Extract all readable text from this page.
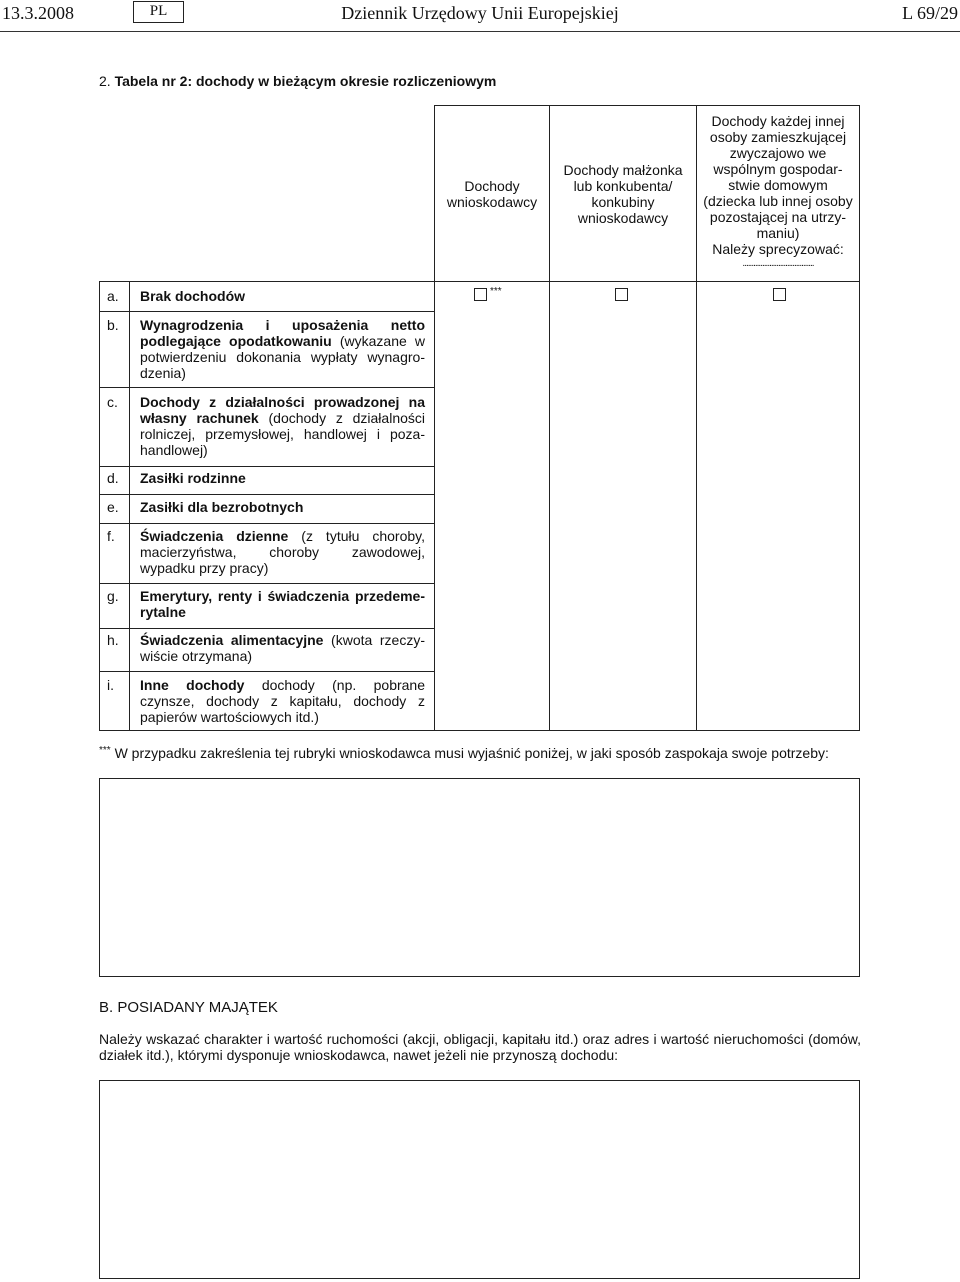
13.3.2008	PL	Dziennik Urzędowy Unii Europejskiej	L 69/29
2. Tabela nr 2: dochody w bieżącym okresie rozliczeniowym
Dochody wnioskodawcy
Dochody małżonka lub konkubenta/ konkubiny wnioskodawcy
Dochody każdej innej osoby zamieszkującej zwyczajowo we wspólnym gospodar-stwie domowym (dziecka lub innej osoby pozostającej na utrzy-maniu)
Należy sprecyzować:
........................................
a. Brak dochodów	***
b. Wynagrodzenia i uposażenia netto podlegające opodatkowaniu (wykazane w potwierdzeniu dokonania wypłaty wynagro-dzenia)
c. Dochody z działalności prowadzonej na własny rachunek (dochody z działalności rolniczej, przemysłowej, handlowej i poza-handlowej)
d. Zasiłki rodzinne
e. Zasiłki dla bezrobotnych
f. Świadczenia dzienne (z tytułu choroby, macierzyństwa, choroby zawodowej, wypadku przy pracy)
g. Emerytury, renty i świadczenia przedeme-rytalne
h. Świadczenia alimentacyjne (kwota rzeczy-wiście otrzymana)
i. Inne dochody dochody (np. pobrane czynsze, dochody z kapitału, dochody z papierów wartościowych itd.)
*** W przypadku zakreślenia tej rubryki wnioskodawca musi wyjaśnić poniżej, w jaki sposób zaspokaja swoje potrzeby:
B. POSIADANY MAJĄTEK
Należy wskazać charakter i wartość ruchomości (akcji, obligacji, kapitału itd.) oraz adres i wartość nieruchomości (domów, działek itd.), którymi dysponuje wnioskodawca, nawet jeżeli nie przynoszą dochodu:
